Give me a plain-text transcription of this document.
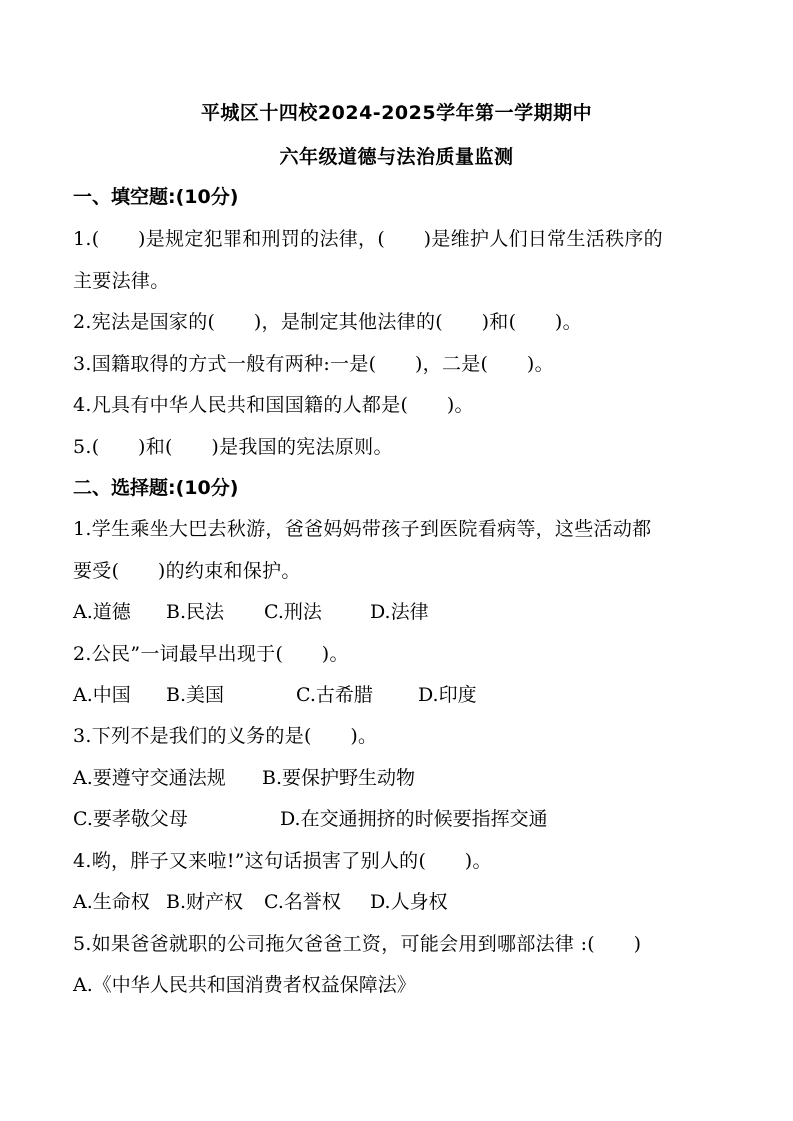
平城区十四校2024-2025学年第一学期期中
六年级道德与法治质量监测
一、填空题:(10分)
1.(　　)是规定犯罪和刑罚的法律，(　　)是维护人们日常生活秩序的
主要法律。
2.宪法是国家的(　　)，是制定其他法律的(　　)和(　　)。
3.国籍取得的方式一般有两种:一是(　　)，二是(　　)。
4.凡具有中华人民共和国国籍的人都是(　　)。
5.(　　)和(　　)是我国的宪法原则。
二、选择题:(10分)
1.学生乘坐大巴去秋游，爸爸妈妈带孩子到医院看病等，这些活动都
要受(　　)的约束和保护。
A.道德 B.民法 C.刑法	D.法律
2.公民”一词最早出现于(　　)。
A.中国 B.美国	C.古希腊 D.印度
3.下列不是我们的义务的是(　　)。
A.要遵守交通法规 B.要保护野生动物
C.要孝敬父母	D.在交通拥挤的时候要指挥交通
4.哟，胖子又来啦!”这句话损害了别人的(　　)。
A.生命权 B.财产权 C.名誉权 D.人身权
5.如果爸爸就职的公司拖欠爸爸工资，可能会用到哪部法律 :(　　)
A.《中华人民共和国消费者权益保障法》
